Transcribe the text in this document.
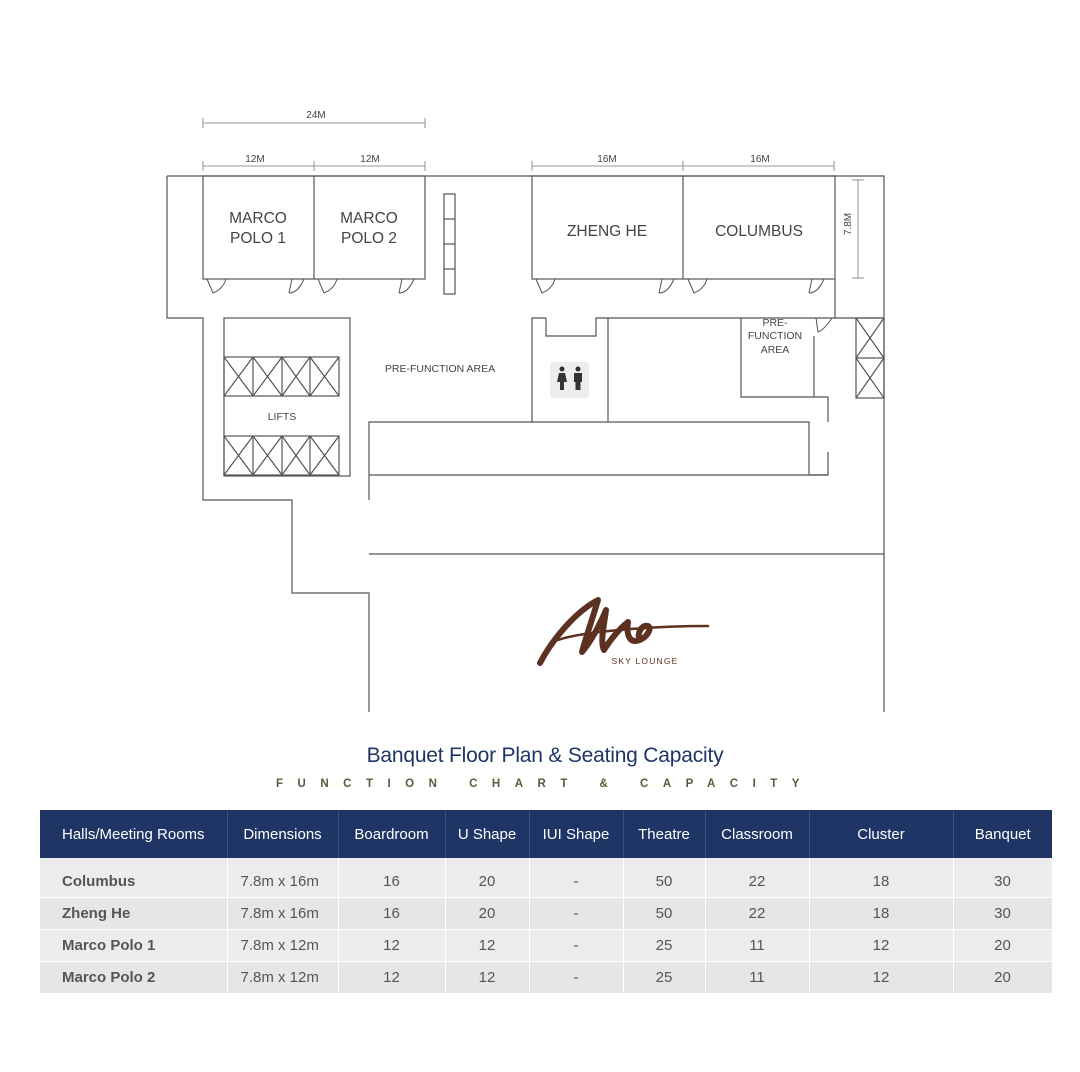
24M
12M	12M	16M	16M
7.8M
MARCO
POLO 1
MARCO
POLO 2	ZHENG HE	COLUMBUS
PRE-FUNCTION AREA
PRE-
FUNCTION
AREA
LIFTS
SKY LOUNGE
Banquet Floor Plan & Seating Capacity
FUNCTION CHART & CAPACITY
Halls/Meeting Rooms	Dimensions	Boardroom	U Shape	IUI Shape	Theatre	Classroom	Cluster	Banquet
Columbus	7.8m x 16m	16	20	-	50	22	18	30
Zheng He	7.8m x 16m	16	20	-	50	22	18	30
Marco Polo 1	7.8m x 12m	12	12	-	25	11	12	20
Marco Polo 2	7.8m x 12m	12	12	-	25	11	12	20
